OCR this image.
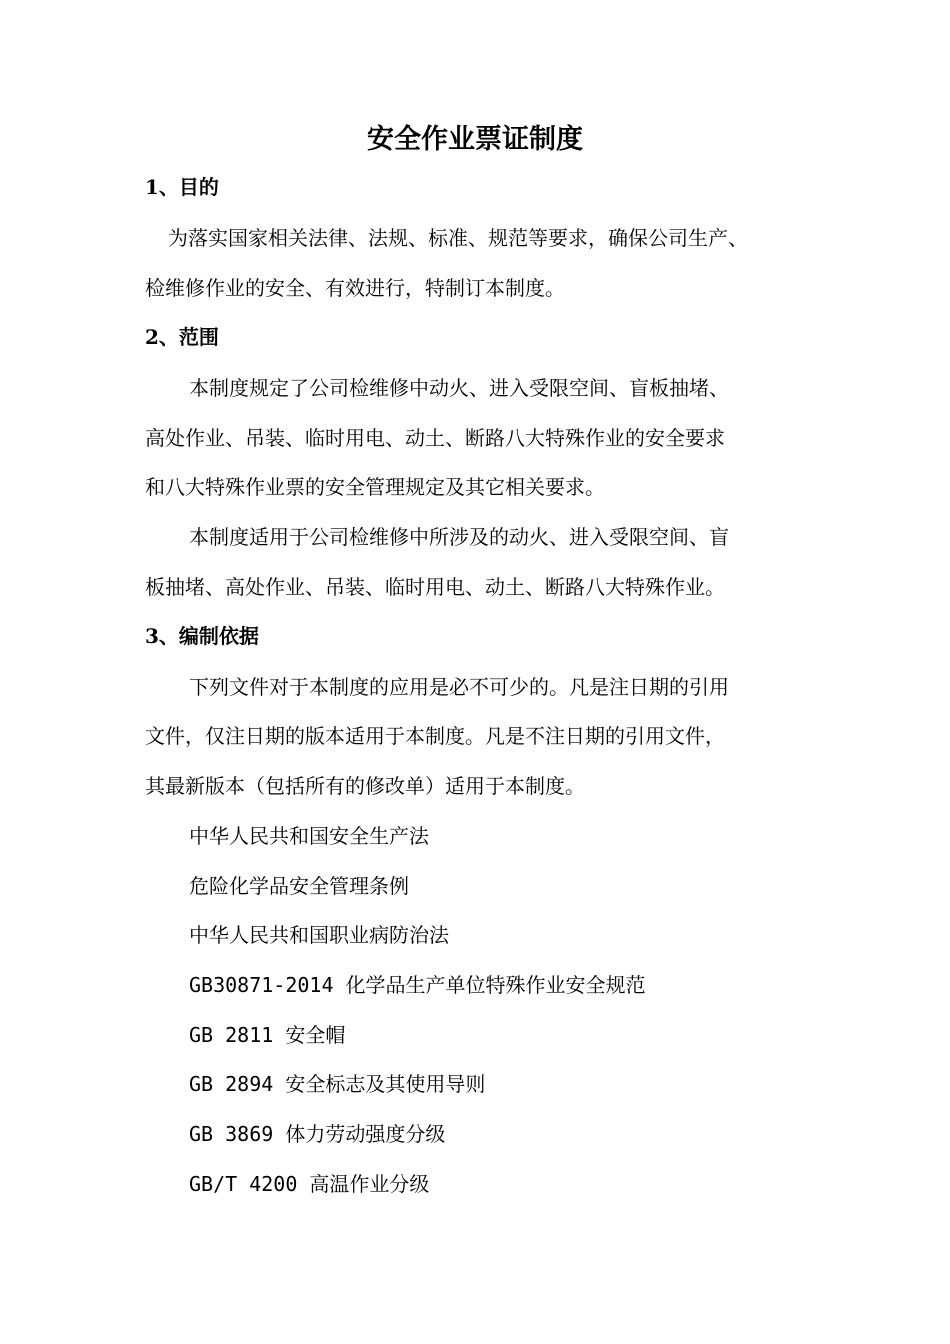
安全作业票证制度
1、目的
为落实国家相关法律、法规、标准、规范等要求，确保公司生产、
检维修作业的安全、有效进行，特制订本制度。
2、范围
本制度规定了公司检维修中动火、进入受限空间、盲板抽堵、
高处作业、吊装、临时用电、动土、断路八大特殊作业的安全要求
和八大特殊作业票的安全管理规定及其它相关要求。
本制度适用于公司检维修中所涉及的动火、进入受限空间、盲
板抽堵、高处作业、吊装、临时用电、动土、断路八大特殊作业。
3、编制依据
下列文件对于本制度的应用是必不可少的。凡是注日期的引用
文件，仅注日期的版本适用于本制度。凡是不注日期的引用文件，
其最新版本（包括所有的修改单）适用于本制度。
中华人民共和国安全生产法
危险化学品安全管理条例
中华人民共和国职业病防治法
GB30871-2014 化学品生产单位特殊作业安全规范
GB 2811 安全帽
GB 2894 安全标志及其使用导则
GB 3869 体力劳动强度分级
GB/T 4200 高温作业分级
